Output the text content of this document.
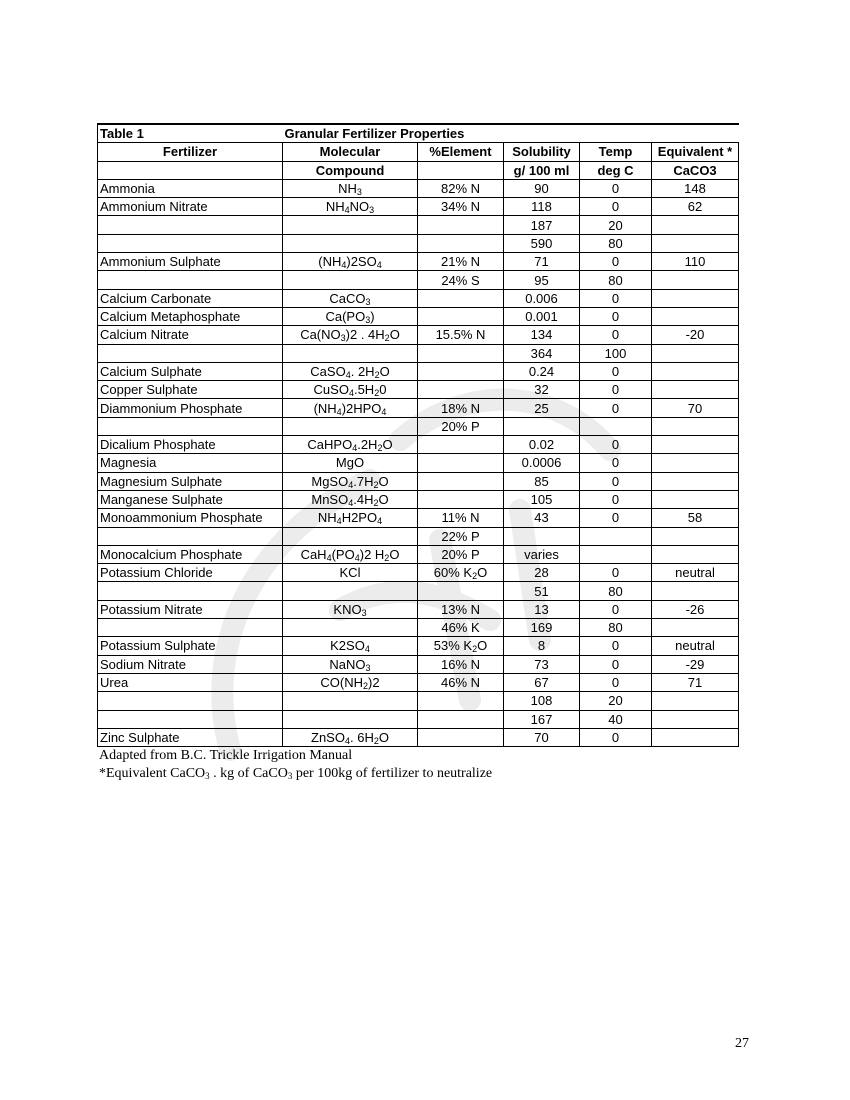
Table 1	Granular Fertilizer Properties				
Fertilizer	Molecular	%Element	Solubility	Temp	Equivalent *
	Compound		g/ 100 ml	deg C	CaCO3
Ammonia	$NH_3$	82% N	90	0	148
Ammonium Nitrate	$NH_4NO_3$	34% N	118	0	62
			187	20	
			590	80	
Ammonium Sulphate	$(NH_4)2SO_4$	21% N	71	0	110
		24% S	95	80	
Calcium Carbonate	CaCO$_3$		0.006	0	
Calcium Metaphosphate	$Ca(PO_3)$		0.001	0	
Calcium Nitrate	$Ca(NO_3)2$ . $4H_2O$	15.5% N	134	0	-20
			364	100	
Calcium Sulphate	CaSO$_4$. $2H_2O$		0.24	0	
Copper Sulphate	$CuSO_4.5H_20$		32	0	
Diammonium Phosphate	$(NH_4)2HPO_4$	18% N	25	0	70
		20% P			
Dicalium Phosphate	$CaHPO_4.2H_2O$		0.02	0	
Magnesia	MgO		0.0006	0	
Magnesium Sulphate	$MgSO_4.7H_2O$		85	0	
Manganese Sulphate	$MnSO_4.4H_2O$		105	0	
Monoammonium Phosphate	$NH_4H2PO_4$	11% N	43	0	58
		22% P			
Monocalcium Phosphate	$CaH_4(PO_4)2$ $H_2O$	20% P	varies		
Potassium Chloride	KCl	60% $K_2O$	28	0	neutral
			51	80	
Potassium Nitrate	$KNO_3$	13% N	13	0	-26
		46% K	169	80	
Potassium Sulphate	$K2SO_4$	53% $K_2O$	8	0	neutral
Sodium Nitrate	NaNO$_3$	16% N	73	0	-29
Urea	$CO(NH_2)2$	46% N	67	0	71
			108	20	
			167	40	
Zinc Sulphate	ZnSO$_4$. $6H_2O$		70	0	
Adapted from B.C. Trickle Irrigation Manual
*Equivalent CaCO$_3$ . kg of CaCO$_3$ per 100kg of fertilizer to neutralize
27
